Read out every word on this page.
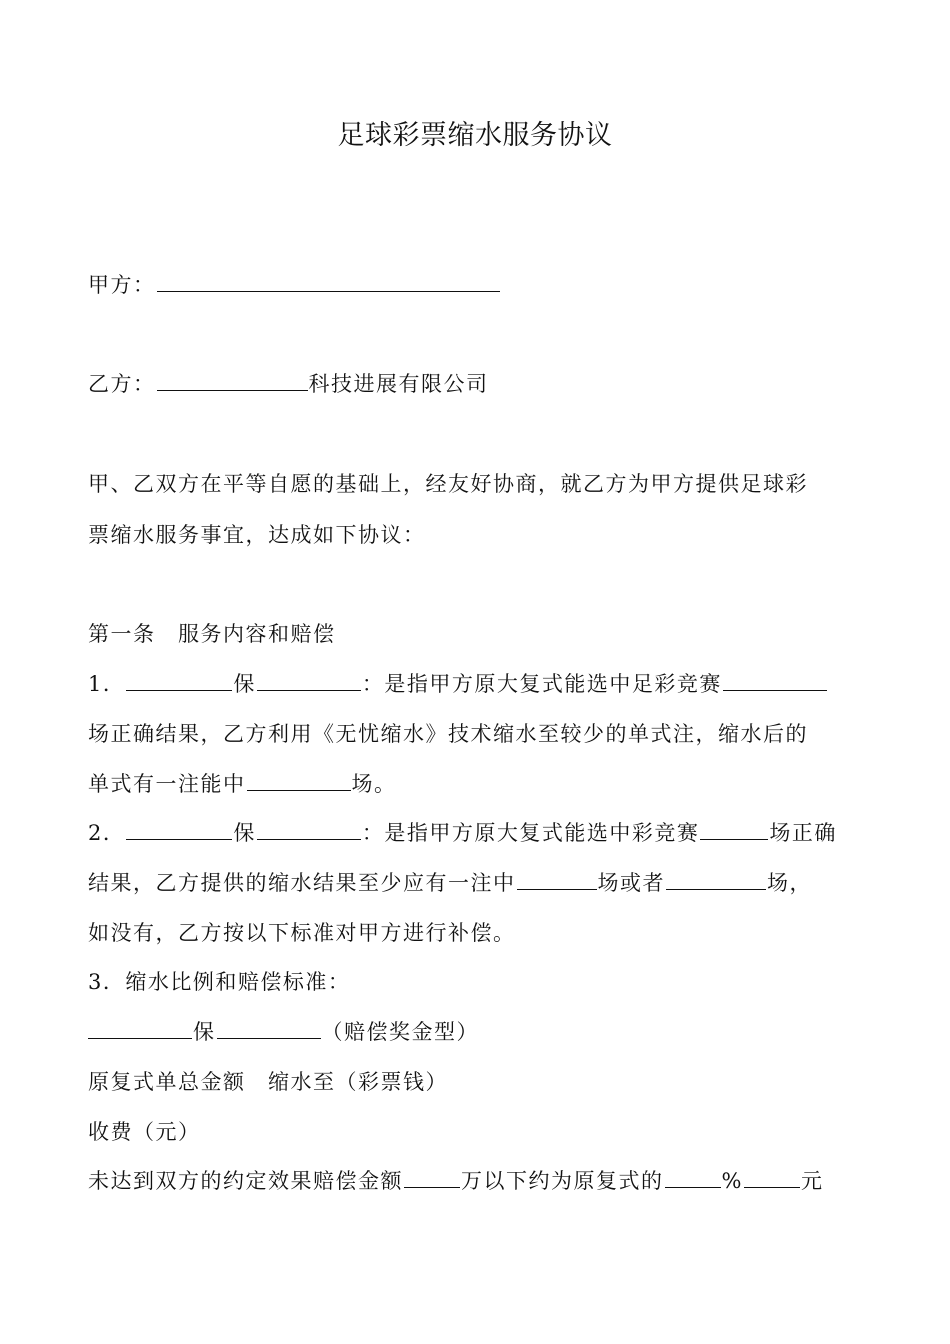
足球彩票缩水服务协议
甲方：
乙方：	科技进展有限公司
甲、乙双方在平等自愿的基础上，经友好协商，就乙方为甲方提供足球彩
票缩水服务事宜，达成如下协议：
第一条　服务内容和赔偿
1．	保	：是指甲方原大复式能选中足彩竞赛
场正确结果，乙方利用《无忧缩水》技术缩水至较少的单式注，缩水后的
单式有一注能中	场。
2．	保	：是指甲方原大复式能选中彩竞赛	场正确
结果，乙方提供的缩水结果至少应有一注中	场或者	场，
如没有，乙方按以下标准对甲方进行补偿。
3．缩水比例和赔偿标准：
保	（赔偿奖金型）
原复式单总金额　缩水至（彩票钱）
收费（元）
未达到双方的约定效果赔偿金额	万以下约为原复式的	%	元
